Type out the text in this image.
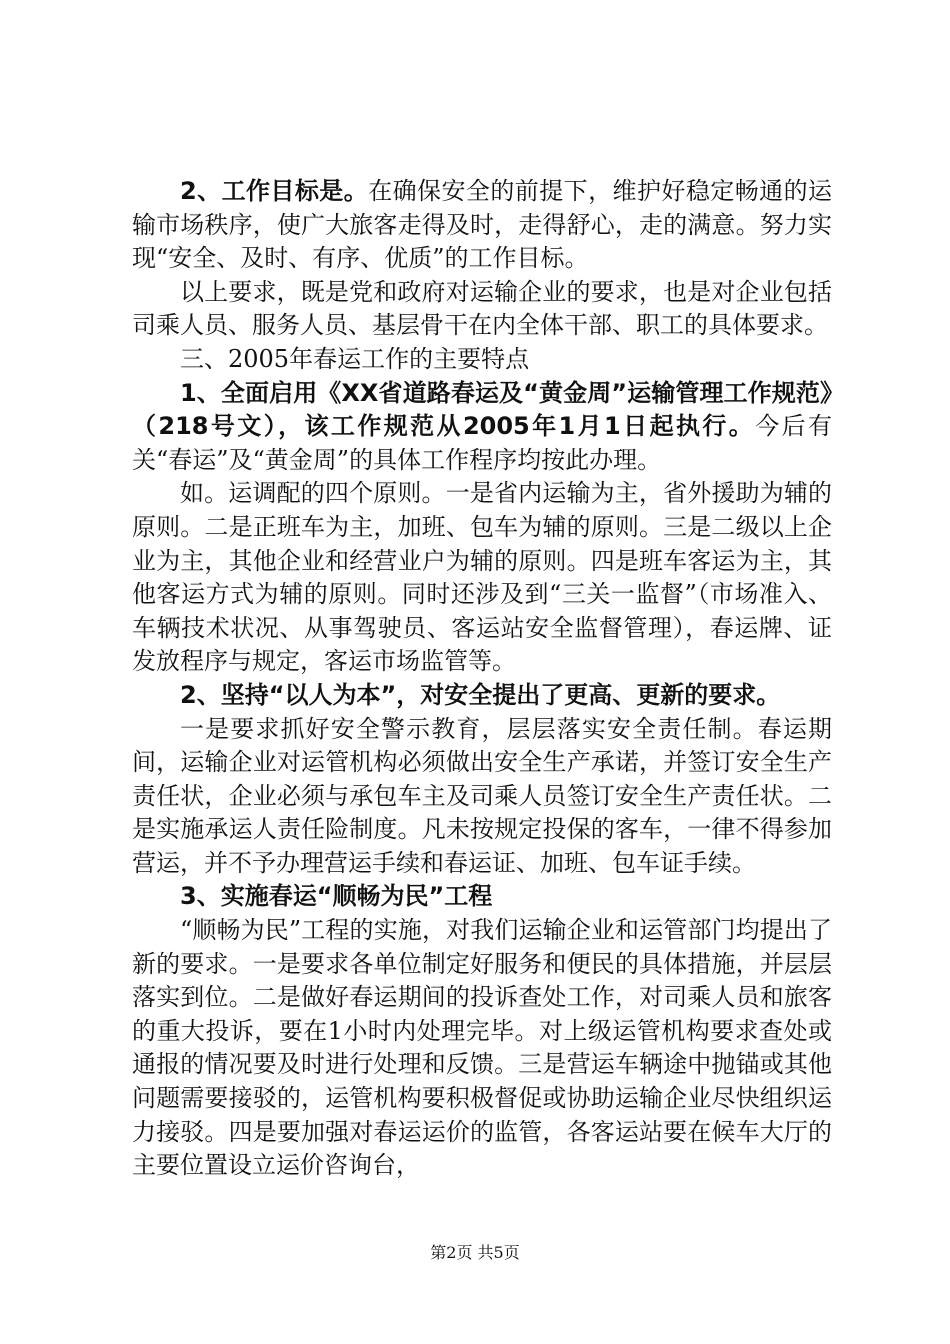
2、工作目标是。在确保安全的前提下，维护好稳定畅通的运输市场秩序，使广大旅客走得及时，走得舒心，走的满意。努力实现“安全、及时、有序、优质”的工作目标。

以上要求，既是党和政府对运输企业的要求，也是对企业包括司乘人员、服务人员、基层骨干在内全体干部、职工的具体要求。

三、2005年春运工作的主要特点

1、全面启用《XX省道路春运及“黄金周”运输管理工作规范》（218号文），该工作规范从2005年1月1日起执行。今后有关“春运”及“黄金周”的具体工作程序均按此办理。

如。运调配的四个原则。一是省内运输为主，省外援助为辅的原则。二是正班车为主，加班、包车为辅的原则。三是二级以上企业为主，其他企业和经营业户为辅的原则。四是班车客运为主，其他客运方式为辅的原则。同时还涉及到“三关一监督”（市场准入、车辆技术状况、从事驾驶员、客运站安全监督管理），春运牌、证发放程序与规定，客运市场监管等。

2、坚持“以人为本”，对安全提出了更高、更新的要求。

一是要求抓好安全警示教育，层层落实安全责任制。春运期间，运输企业对运管机构必须做出安全生产承诺，并签订安全生产责任状，企业必须与承包车主及司乘人员签订安全生产责任状。二是实施承运人责任险制度。凡未按规定投保的客车，一律不得参加营运，并不予办理营运手续和春运证、加班、包车证手续。

3、实施春运“顺畅为民”工程

“顺畅为民”工程的实施，对我们运输企业和运管部门均提出了新的要求。一是要求各单位制定好服务和便民的具体措施，并层层落实到位。二是做好春运期间的投诉查处工作，对司乘人员和旅客的重大投诉，要在1小时内处理完毕。对上级运管机构要求查处或通报的情况要及时进行处理和反馈。三是营运车辆途中抛锚或其他问题需要接驳的，运管机构要积极督促或协助运输企业尽快组织运力接驳。四是要加强对春运运价的监管，各客运站要在候车大厅的主要位置设立运价咨询台，

第2页 共5页
